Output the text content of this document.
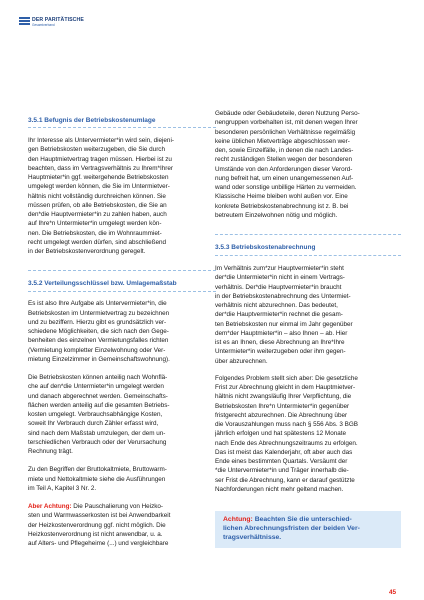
DER PARITÄTISCHE
Gesamtverband
3.5.1 Befugnis der Betriebskostenumlage
Ihr Interesse als Untervermieter*in wird sein, diejeni-
gen Betriebskosten weiterzugeben, die Sie durch
den Hauptmietvertrag tragen müssen. Hierbei ist zu
beachten, dass im Vertragsverhältnis zu Ihrem*Ihrer
Hauptmieter*in ggf. weitergehende Betriebskosten
umgelegt werden können, die Sie im Untermietver-
hältnis nicht vollständig durchreichen können. Sie
müssen prüfen, ob alle Betriebskosten, die Sie an
den*die Hauptvermieter*in zu zahlen haben, auch
auf Ihre*n Untermieter*in umgelegt werden kön-
nen. Die Betriebskosten, die im Wohnraummiet-
recht umgelegt werden dürfen, sind abschließend
in der Betriebskostenverordnung geregelt.
3.5.2 Verteilungsschlüssel bzw. Umlagemaßstab
Es ist also Ihre Aufgabe als Untervermieter*in, die
Betriebskosten im Untermietvertrag zu bezeichnen
und zu beziffern. Hierzu gibt es grundsätzlich ver-
schiedene Möglichkeiten, die sich nach den Gege-
benheiten des einzelnen Vermietungsfalles richten
(Vermietung kompletter Einzelwohnung oder Ver-
mietung Einzelzimmer in Gemeinschaftswohnung).
Die Betriebskosten können anteilig nach Wohnflä-
che auf den*die Untermieter*in umgelegt werden
und danach abgerechnet werden. Gemeinschafts-
flächen werden anteilig auf die gesamten Betriebs-
kosten umgelegt. Verbrauchsabhängige Kosten,
soweit Ihr Verbrauch durch Zähler erfasst wird,
sind nach dem Maßstab umzulegen, der dem un-
terschiedlichen Verbrauch oder der Verursachung
Rechnung trägt.
Zu den Begriffen der Bruttokaltmiete, Bruttowarm-
miete und Nettokaltmiete siehe die Ausführungen
im Teil A, Kapitel 3 Nr. 2.
Aber Achtung: Die Pauschalierung von Heizko-
sten und Warmwasserkosten ist bei Anwendbarkeit
der Heizkostenverordnung ggf. nicht möglich. Die
Heizkostenverordnung ist nicht anwendbar, u. a.
auf Alters- und Pflegeheime (...) und vergleichbare
Gebäude oder Gebäudeteile, deren Nutzung Perso-
nengruppen vorbehalten ist, mit denen wegen Ihrer
besonderen persönlichen Verhältnisse regelmäßig
keine üblichen Mietverträge abgeschlossen wer-
den, sowie Einzelfälle, in denen die nach Landes-
recht zuständigen Stellen wegen der besonderen
Umstände von den Anforderungen dieser Verord-
nung befreit hat, um einen unangemessenen Auf-
wand oder sonstige unbillige Härten zu vermeiden.
Klassische Heime bleiben wohl außen vor. Eine
konkrete Betriebskostenabrechnung ist z. B. bei
betreutem Einzelwohnen nötig und möglich.
3.5.3 Betriebskostenabrechnung
Im Verhältnis zum*zur Hauptvermieter*in steht
der*die Untermieter*in nicht in einem Vertrags-
verhältnis. Der*die Hauptvermieter*in braucht
in der Betriebskostenabrechnung des Untermiet-
verhältnis nicht abzurechnen. Das bedeutet,
der*die Hauptvermieter*in rechnet die gesam-
ten Betriebskosten nur einmal im Jahr gegenüber
dem*der Hauptmieter*in – also Ihnen – ab. Hier
ist es an Ihnen, diese Abrechnung an Ihre*Ihre
Untermieter*in weiterzugeben oder ihm gegen-
über abzurechnen.
Folgendes Problem stellt sich aber: Die gesetzliche
Frist zur Abrechnung gleicht in dem Hauptmietver-
hältnis nicht zwangsläufig Ihrer Verpflichtung, die
Betriebskosten Ihre*n Untermieter*in gegenüber
fristgerecht abzurechnen. Die Abrechnung über
die Vorauszahlungen muss nach § 556 Abs. 3 BGB
jährlich erfolgen und hat spätestens 12 Monate
nach Ende des Abrechnungszeitraums zu erfolgen.
Das ist meist das Kalenderjahr, oft aber auch das
Ende eines bestimmten Quartals. Versäumt der
*die Untervermieter*in und Träger innerhalb die-
ser Frist die Abrechnung, kann er darauf gestützte
Nachforderungen nicht mehr geltend machen.
Achtung: Beachten Sie die unterschied-
lichen Abrechnungsfristen der beiden Ver-
tragsverhältnisse.
45
